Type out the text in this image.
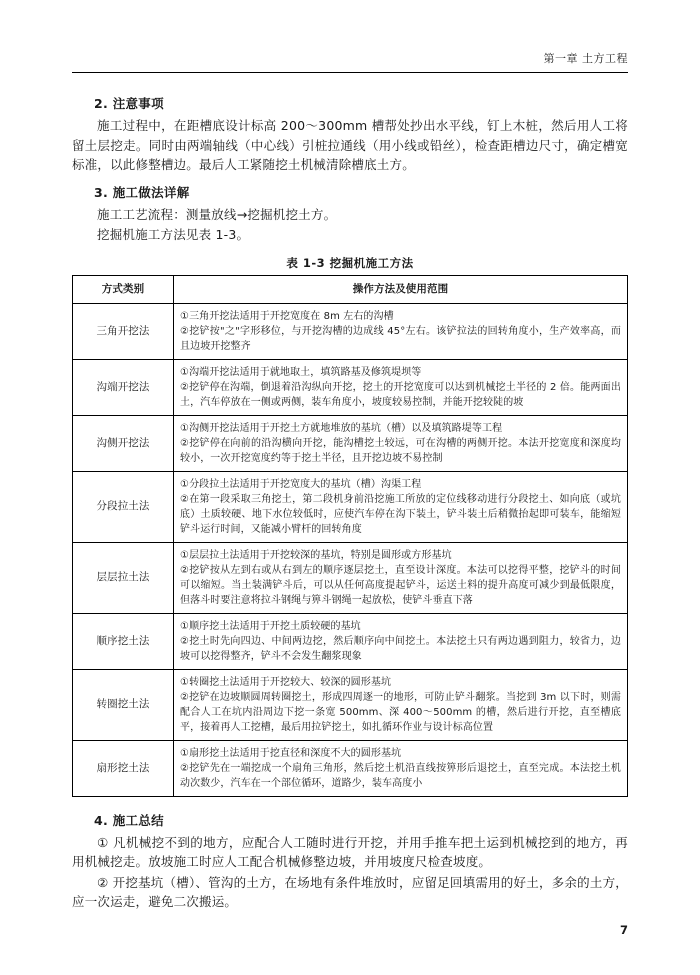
第一章 土方工程
2. 注意事项

施工过程中，在距槽底设计标高 200～300mm 槽帮处抄出水平线，钉上木桩，然后用人工将留土层挖走。同时由两端轴线（中心线）引桩拉通线（用小线或铅丝），检查距槽边尺寸，确定槽宽标准，以此修整槽边。最后人工紧随挖土机械清除槽底土方。

3. 施工做法详解

施工工艺流程：测量放线→挖掘机挖土方。

挖掘机施工方法见表 1-3。

表 1-3 挖掘机施工方法
方式类别	操作方法及使用范围
三角开挖法	①三角开挖法适用于开挖宽度在 8m 左右的沟槽
②挖铲按"之"字形移位，与开挖沟槽的边成线 45°左右。该铲拉法的回转角度小，生产效率高，而且边坡开挖整齐

沟端开挖法	①沟端开挖法适用于就地取土，填筑路基及修筑堤坝等
②挖铲停在沟端，倒退着沿沟纵向开挖，挖土的开挖宽度可以达到机械挖土半径的 2 倍。能两面出土，汽车停放在一侧或两侧，装车角度小，坡度较易控制，并能开挖较陡的坡

沟侧开挖法	①沟侧开挖法适用于开挖土方就地堆放的基坑（槽）以及填筑路堤等工程
②挖铲停在向前的沿沟横向开挖，能沟槽挖土较远，可在沟槽的两侧开挖。本法开挖宽度和深度均较小，一次开挖宽度约等于挖土半径，且开挖边坡不易控制

分段拉土法	①分段拉土法适用于开挖宽度大的基坑（槽）沟渠工程
②在第一段采取三角挖土，第二段机身前沿挖施工所放的定位线移动进行分段挖土、如向底（或坑底）土质较硬、地下水位较低时，应使汽车停在沟下装土，铲斗装土后稍微抬起即可装车，能缩短铲斗运行时间，又能减小臂杆的回转角度

层层拉土法	①层层拉土法适用于开挖较深的基坑，特别是圆形或方形基坑
②挖铲按从左到右或从右到左的顺序逐层挖土，直至设计深度。本法可以挖得平整，挖铲斗的时间可以缩短。当土装满铲斗后，可以从任何高度提起铲斗，运送土料的提升高度可减少到最低限度，但落斗时要注意将拉斗钢绳与箅斗钢绳一起放松，使铲斗垂直下落

顺序挖土法	①顺序挖土法适用于开挖土质较硬的基坑
②挖土时先向四边、中间两边挖，然后顺序向中间挖土。本法挖土只有两边遇到阻力，较省力，边坡可以挖得整齐，铲斗不会发生翻浆现象

转圈挖土法	①转圈挖土法适用于开挖较大、较深的圆形基坑
②挖铲在边坡顺圆周转圈挖土，形成四周逐一的地形，可防止铲斗翻浆。当挖到 3m 以下时，则需配合人工在坑内沿周边下挖一条宽 500mm、深 400～500mm 的槽，然后进行开挖，直至槽底平，接着再人工挖槽，最后用拉铲挖土，如扎循环作业与设计标高位置

扇形挖土法	①扇形挖土法适用于挖直径和深度不大的圆形基坑
②挖铲先在一端挖成一个扇角三角形，然后挖土机沿直线按箅形后退挖土，直至完成。本法挖土机动次数少，汽车在一个部位循环，道路少，装车高度小
4. 施工总结

① 凡机械挖不到的地方，应配合人工随时进行开挖，并用手推车把土运到机械挖到的地方，再用机械挖走。放坡施工时应人工配合机械修整边坡，并用坡度尺检查坡度。

② 开挖基坑（槽）、管沟的土方，在场地有条件堆放时，应留足回填需用的好土，多余的土方，应一次运走，避免二次搬运。

7
